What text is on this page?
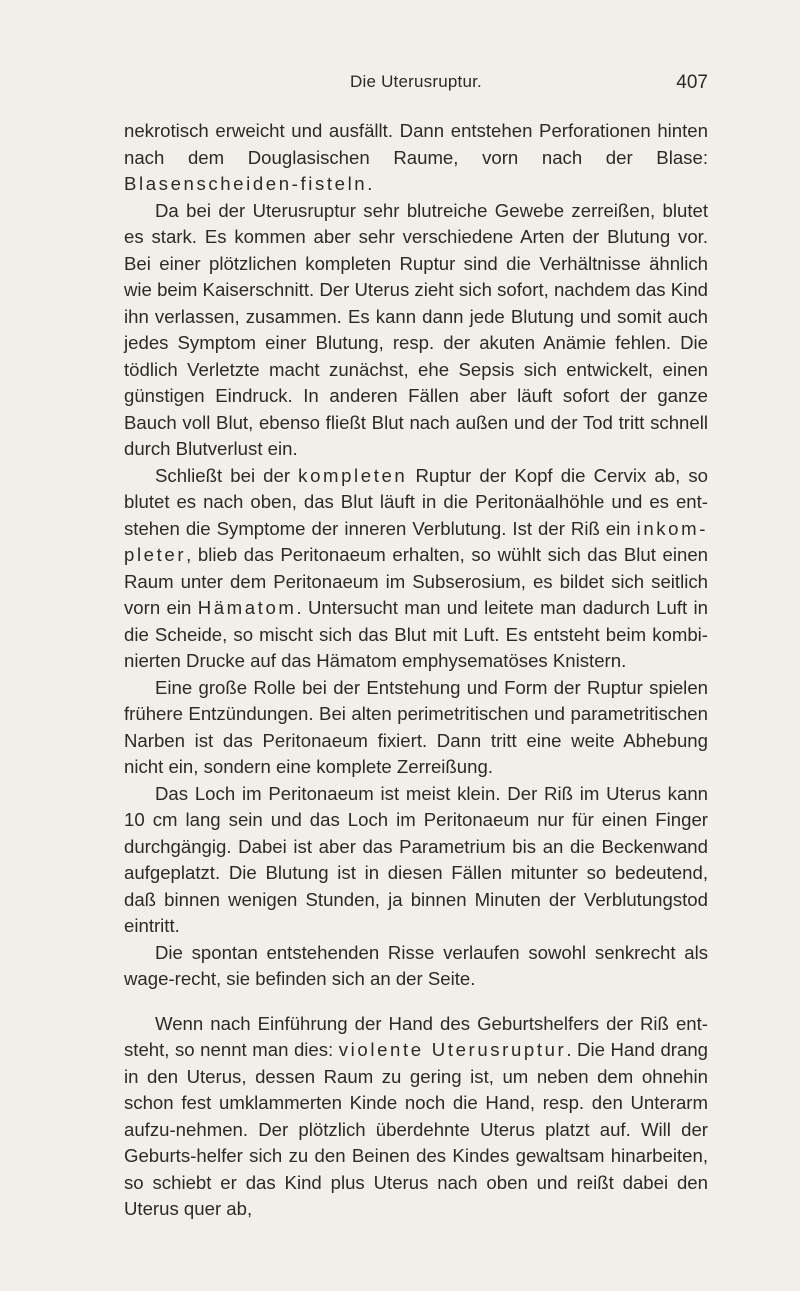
Die Uterusruptur.	407

nekrotisch erweicht und ausfällt. Dann entstehen Perforationen hinten nach dem Douglasischen Raume, vorn nach der Blase: Blasenscheiden-fisteln.

Da bei der Uterusruptur sehr blutreiche Gewebe zerreißen, blutet es stark. Es kommen aber sehr verschiedene Arten der Blutung vor. Bei einer plötzlichen kompleten Ruptur sind die Verhältnisse ähnlich wie beim Kaiserschnitt. Der Uterus zieht sich sofort, nachdem das Kind ihn verlassen, zusammen. Es kann dann jede Blutung und somit auch jedes Symptom einer Blutung, resp. der akuten Anämie fehlen. Die tödlich Verletzte macht zunächst, ehe Sepsis sich entwickelt, einen günstigen Eindruck. In anderen Fällen aber läuft sofort der ganze Bauch voll Blut, ebenso fließt Blut nach außen und der Tod tritt schnell durch Blutverlust ein.

Schließt bei der kompleten Ruptur der Kopf die Cervix ab, so blutet es nach oben, das Blut läuft in die Peritonäalhöhle und es ent-stehen die Symptome der inneren Verblutung. Ist der Riß ein inkom-pleter, blieb das Peritonaeum erhalten, so wühlt sich das Blut einen Raum unter dem Peritonaeum im Subserosium, es bildet sich seitlich vorn ein Hämatom. Untersucht man und leitete man dadurch Luft in die Scheide, so mischt sich das Blut mit Luft. Es entsteht beim kombi-nierten Drucke auf das Hämatom emphysematöses Knistern.

Eine große Rolle bei der Entstehung und Form der Ruptur spielen frühere Entzündungen. Bei alten perimetritischen und parametritischen Narben ist das Peritonaeum fixiert. Dann tritt eine weite Abhebung nicht ein, sondern eine komplete Zerreißung.

Das Loch im Peritonaeum ist meist klein. Der Riß im Uterus kann 10 cm lang sein und das Loch im Peritonaeum nur für einen Finger durchgängig. Dabei ist aber das Parametrium bis an die Beckenwand aufgeplatzt. Die Blutung ist in diesen Fällen mitunter so bedeutend, daß binnen wenigen Stunden, ja binnen Minuten der Verblutungstod eintritt.

Die spontan entstehenden Risse verlaufen sowohl senkrecht als wage-recht, sie befinden sich an der Seite.

Wenn nach Einführung der Hand des Geburtshelfers der Riß ent-steht, so nennt man dies: violente Uterusruptur. Die Hand drang in den Uterus, dessen Raum zu gering ist, um neben dem ohnehin schon fest umklammerten Kinde noch die Hand, resp. den Unterarm aufzu-nehmen. Der plötzlich überdehnte Uterus platzt auf. Will der Geburts-helfer sich zu den Beinen des Kindes gewaltsam hinarbeiten, so schiebt er das Kind plus Uterus nach oben und reißt dabei den Uterus quer ab,
